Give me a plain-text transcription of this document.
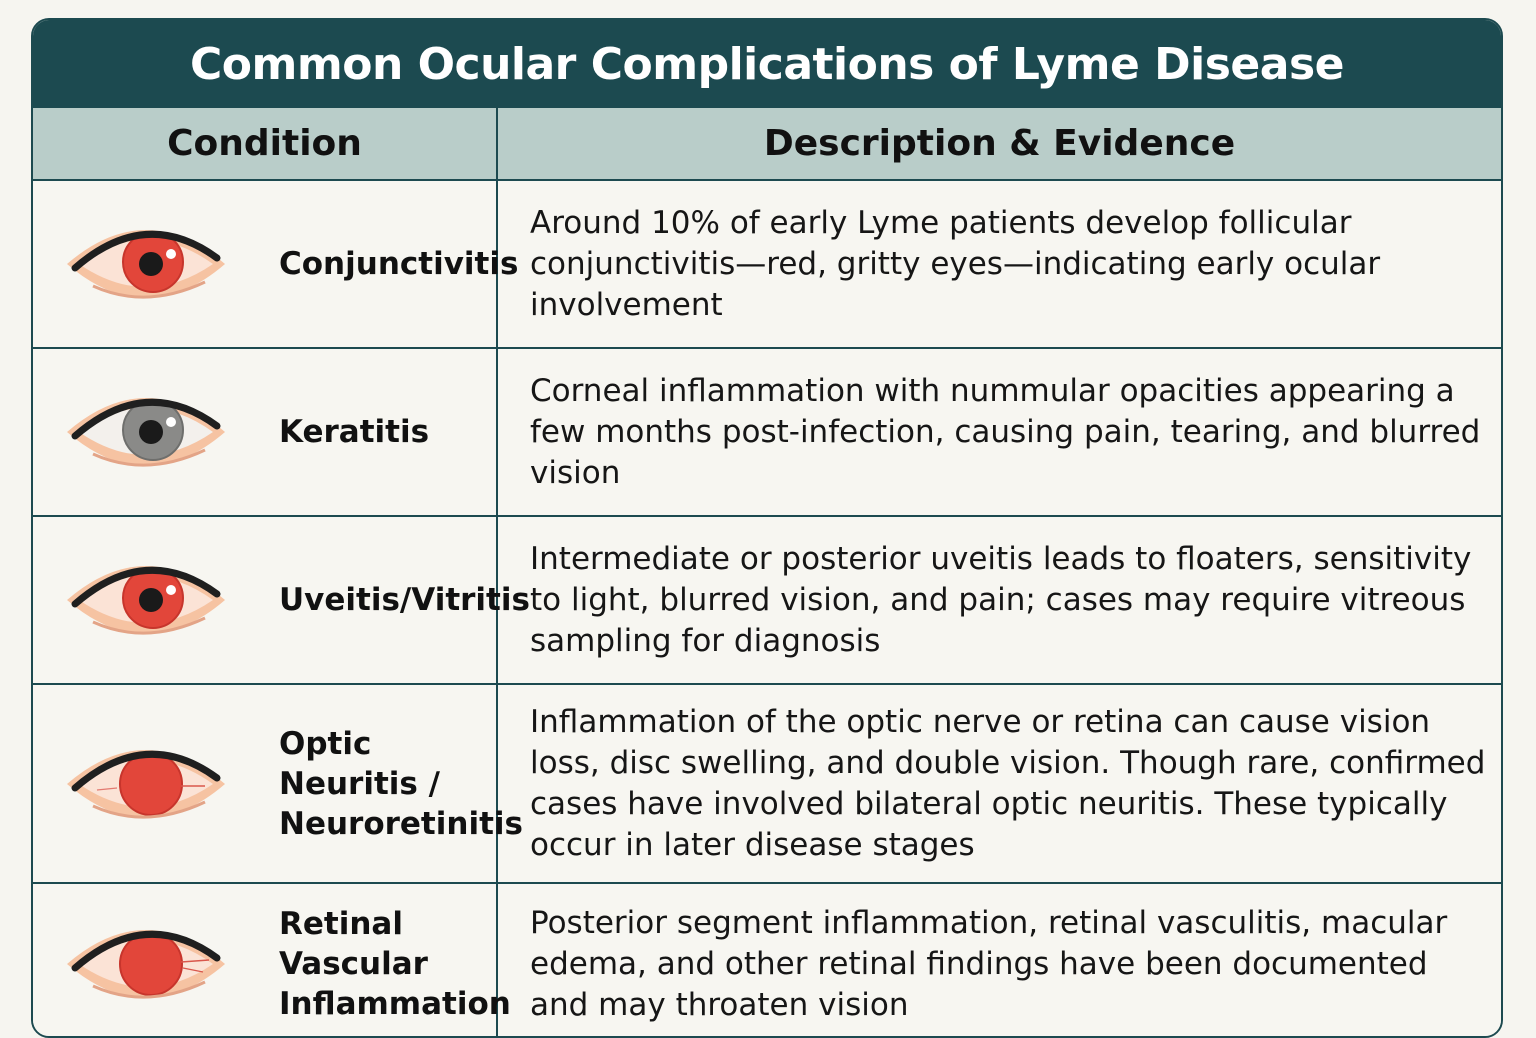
Common Ocular Complications of Lyme Disease
Condition	Description & Evidence
Conjunctivitis
Around 10% of early Lyme patients develop follicular conjunctivitis—red, gritty eyes—indicating early ocular involvement
Keratitis
Corneal inflammation with nummular opacities appearing a few months post-infection, causing pain, tearing, and blurred vision
Uveitis/Vitritis
Intermediate or posterior uveitis leads to floaters, sensitivity to light, blurred vision, and pain; cases may require vitreous sampling for diagnosis
Optic Neuritis / Neuroretinitis
Inflammation of the optic nerve or retina can cause vision loss, disc swelling, and double vision. Though rare, confirmed cases have involved bilateral optic neuritis. These typically occur in later disease stages
Retinal Vascular Inflammation
Posterior segment inflammation, retinal vasculitis, macular edema, and other retinal findings have been documented and may throaten vision
